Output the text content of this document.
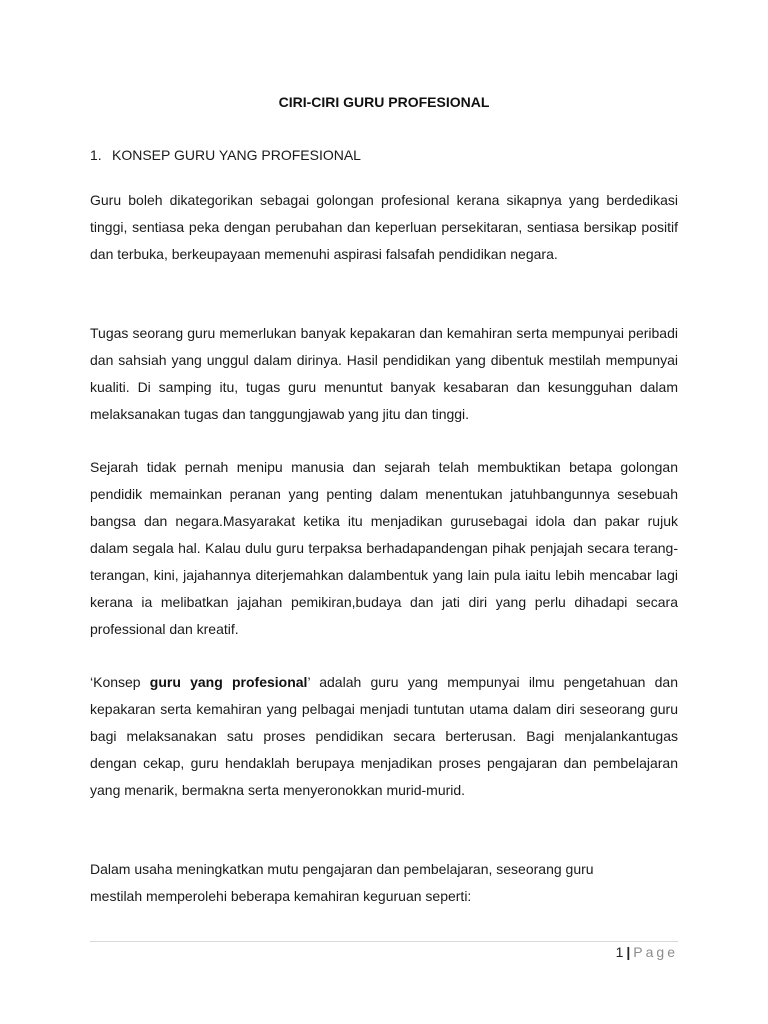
CIRI-CIRI GURU PROFESIONAL
1. KONSEP GURU YANG PROFESIONAL
Guru boleh dikategorikan sebagai golongan profesional kerana sikapnya yang berdedikasi tinggi, sentiasa peka dengan perubahan dan keperluan persekitaran, sentiasa bersikap positif dan terbuka, berkeupayaan memenuhi aspirasi falsafah pendidikan negara.
Tugas seorang guru memerlukan banyak kepakaran dan kemahiran serta mempunyai peribadi dan sahsiah yang unggul dalam dirinya. Hasil pendidikan yang dibentuk mestilah mempunyai kualiti. Di samping itu, tugas guru menuntut banyak kesabaran dan kesungguhan dalam melaksanakan tugas dan tanggungjawab yang jitu dan tinggi.
Sejarah tidak pernah menipu manusia dan sejarah telah membuktikan betapa golongan pendidik memainkan peranan yang penting dalam menentukan jatuhbangunnya sesebuah bangsa dan negara.Masyarakat ketika itu menjadikan gurusebagai idola dan pakar rujuk dalam segala hal. Kalau dulu guru terpaksa berhadapandengan pihak penjajah secara terang-terangan, kini, jajahannya diterjemahkan dalambentuk yang lain pula iaitu lebih mencabar lagi kerana ia melibatkan jajahan pemikiran,budaya dan jati diri yang perlu dihadapi secara professional dan kreatif.
‘Konsep guru yang profesional’ adalah guru yang mempunyai ilmu pengetahuan dan kepakaran serta kemahiran yang pelbagai menjadi tuntutan utama dalam diri seseorang guru bagi melaksanakan satu proses pendidikan secara berterusan. Bagi menjalankantugas dengan cekap, guru hendaklah berupaya menjadikan proses pengajaran dan pembelajaran yang menarik, bermakna serta menyeronokkan murid-murid.
Dalam usaha meningkatkan mutu pengajaran dan pembelajaran, seseorang guru
mestilah memperolehi beberapa kemahiran keguruan seperti:
1 | Page
